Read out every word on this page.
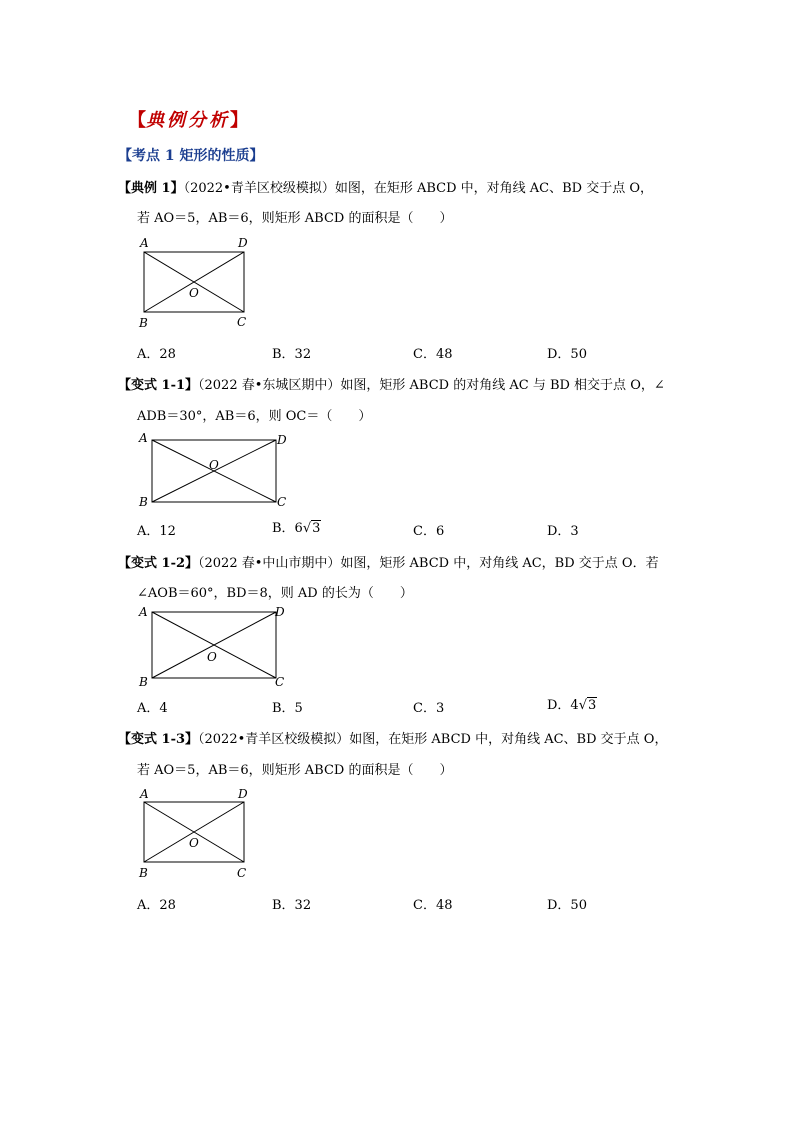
【典例分析】
【考点 1 矩形的性质】
【典例 1】（2022•青羊区校级模拟）如图，在矩形 ABCD 中，对角线 AC、BD 交于点 O，
若 AO＝5，AB＝6，则矩形 ABCD 的面积是（　　）
A	D
B	C
O
A．28	B．32	C．48	D．50
【变式 1-1】（2022 春•东城区期中）如图，矩形 ABCD 的对角线 AC 与 BD 相交于点 O，∠
ADB＝30°，AB＝6，则 OC＝（　　）
A	D
B	C
O
A．12	B．6√3	C．6	D．3
【变式 1-2】（2022 春•中山市期中）如图，矩形 ABCD 中，对角线 AC，BD 交于点 O．若
∠AOB＝60°，BD＝8，则 AD 的长为（　　）
A	D
B	C
O
A．4	B．5	C．3	D．4√3
【变式 1-3】（2022•青羊区校级模拟）如图，在矩形 ABCD 中，对角线 AC、BD 交于点 O，
若 AO＝5，AB＝6，则矩形 ABCD 的面积是（　　）
A	D
B	C
O
A．28	B．32	C．48	D．50
